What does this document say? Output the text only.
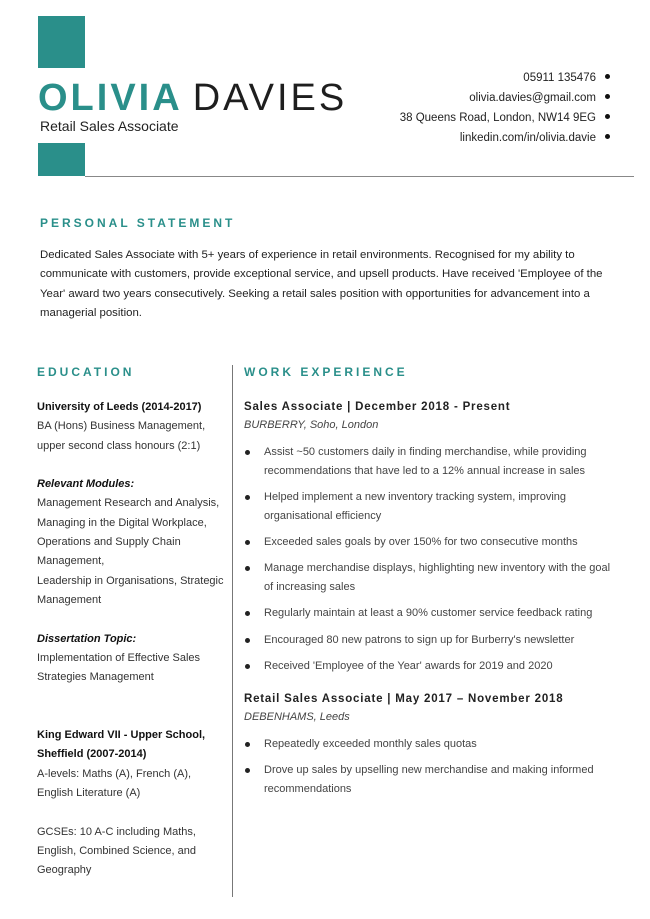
OLIVIA DAVIES
Retail Sales Associate
05911 135476
olivia.davies@gmail.com
38 Queens Road, London, NW14 9EG
linkedin.com/in/olivia.davie
PERSONAL STATEMENT
Dedicated Sales Associate with 5+ years of experience in retail environments. Recognised for my ability to communicate with customers, provide exceptional service, and upsell products. Have received 'Employee of the Year' award two years consecutively. Seeking a retail sales position with opportunities for advancement into a managerial position.
EDUCATION	WORK EXPERIENCE

University of Leeds (2014-2017)

BA (Hons) Business Management, upper second class honours (2:1)

Relevant Modules:

Management Research and Analysis, Managing in the Digital Workplace, Operations and Supply Chain Management,
Leadership in Organisations, Strategic Management

Dissertation Topic:

Implementation of Effective Sales Strategies Management

King Edward VII - Upper School, Sheffield (2007-2014)

A-levels: Maths (A), French (A), English Literature (A)

GCSEs: 10 A-C including Maths, English, Combined Science, and Geography

Sales Associate | December 2018 - Present
BURBERRY, Soho, London
Assist ~50 customers daily in finding merchandise, while providing recommendations that have led to a 12% annual increase in sales
Helped implement a new inventory tracking system, improving organisational efficiency
Exceeded sales goals by over 150% for two consecutive months
Manage merchandise displays, highlighting new inventory with the goal of increasing sales
Regularly maintain at least a 90% customer service feedback rating
Encouraged 80 new patrons to sign up for Burberry's newsletter
Received 'Employee of the Year' awards for 2019 and 2020
Retail Sales Associate | May 2017 – November 2018
DEBENHAMS, Leeds
Repeatedly exceeded monthly sales quotas
Drove up sales by upselling new merchandise and making informed recommendations
